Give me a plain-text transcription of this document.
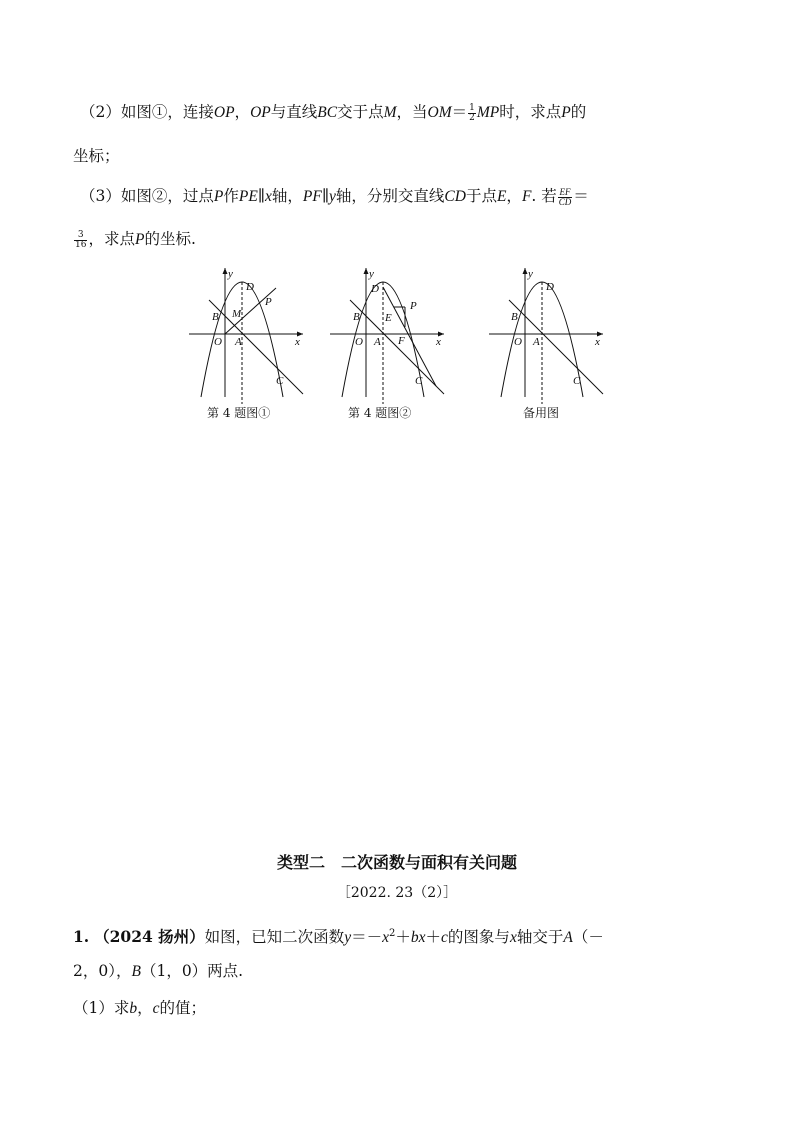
（2）如图①，连接OP，OP与直线BC交于点M，当$OM= \frac{1}{2}$ MP时，求点P的
坐标；
（3）如图②，过点P作PE∥x轴，PF∥y轴，分别交直线CD于点E，F. 若 $\frac{EF}{CD}$ ＝
$\frac{3}{16}$ ，求点P的坐标.
y
x
O A
B
C
D
M
P
第 4 题图①
y
x
O A
B
C
D
E
F
P
第 4 题图②
y
x
O A
B
C
D
备用图
类型二　二次函数与面积有关问题
［2022. 23（2）］
1. （2024 扬州）如图，已知二次函数$y=-x^2+bx+c$的图象与x轴交于A（－
2，0），B（1，0）两点.
（1）求b，c的值；
